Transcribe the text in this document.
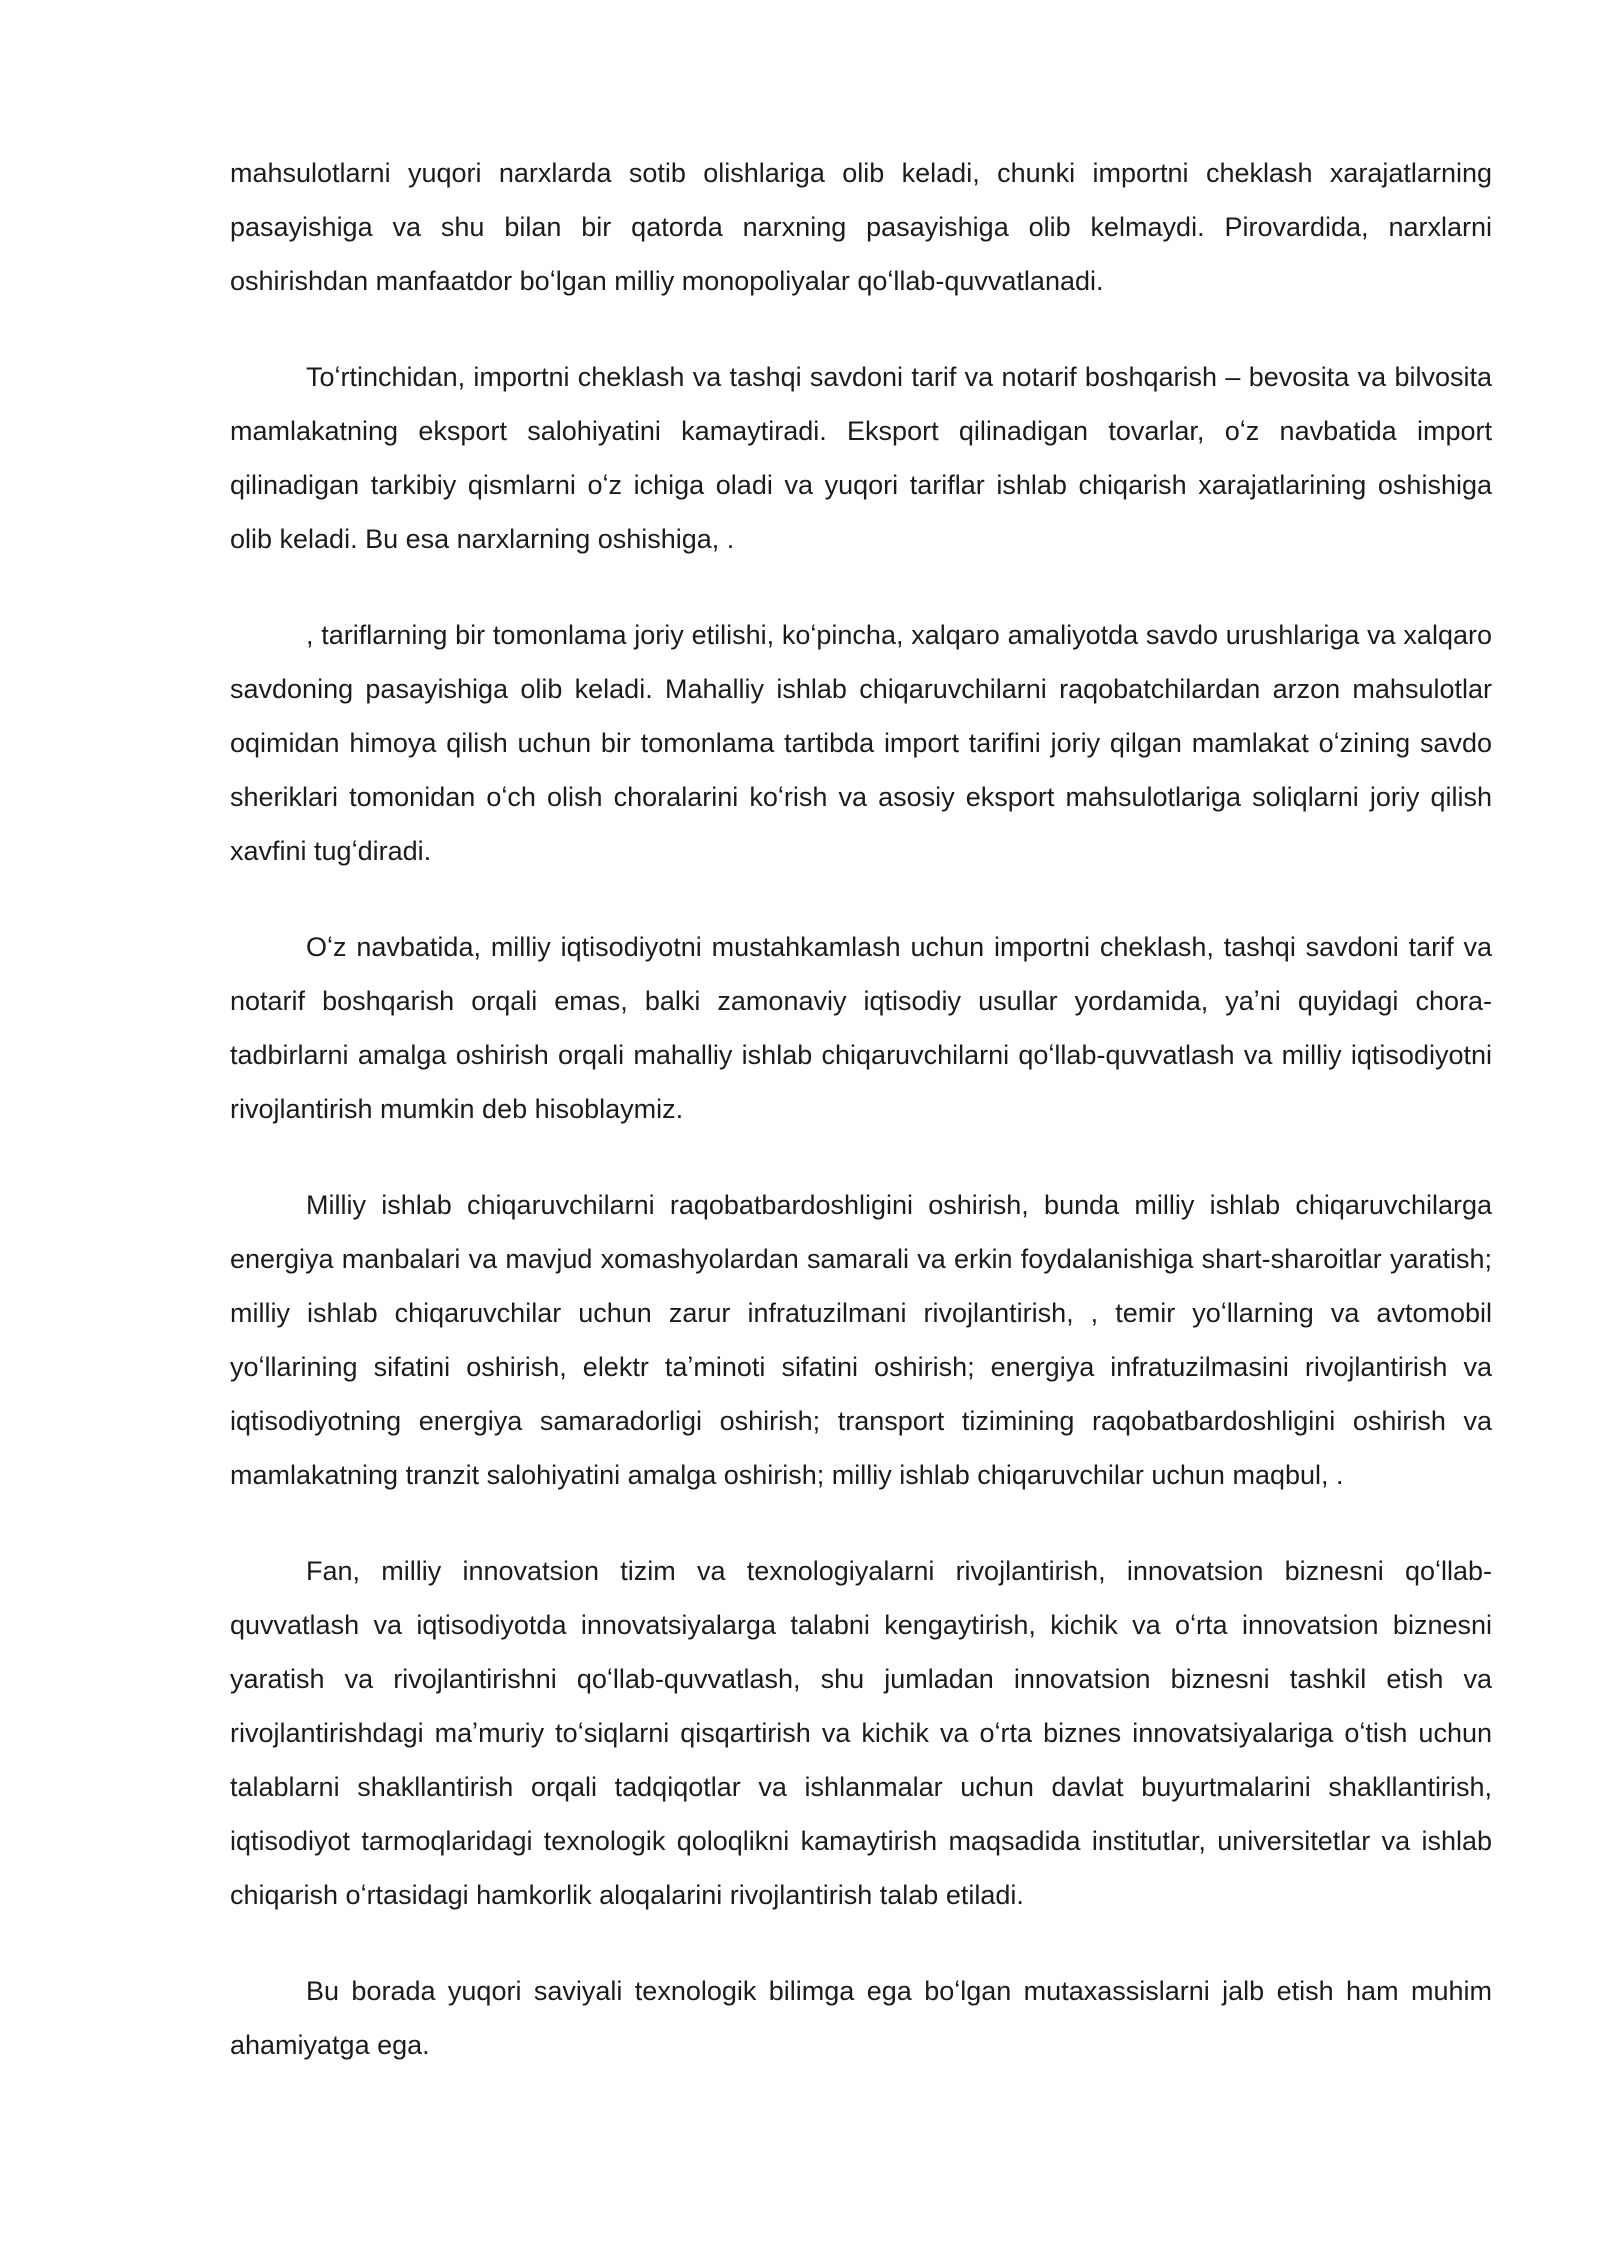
mahsulotlarni yuqori narxlarda sotib olishlariga olib keladi, chunki importni cheklash xarajatlarning pasayishiga va shu bilan bir qatorda narxning pasayishiga olib kelmaydi. Pirovardida, narxlarni oshirishdan manfaatdor boʻlgan milliy monopoliyalar qoʻllab-quvvatlanadi.

Toʻrtinchidan, importni cheklash va tashqi savdoni tarif va notarif boshqarish – bevosita va bilvosita mamlakatning eksport salohiyatini kamaytiradi. Eksport qilinadigan tovarlar, oʻz navbatida import qilinadigan tarkibiy qismlarni oʻz ichiga oladi va yuqori tariflar ishlab chiqarish xarajatlarining oshishiga olib keladi. Bu esa narxlarning oshishiga, .

, tariflarning bir tomonlama joriy etilishi, koʻpincha, xalqaro amaliyotda savdo urushlariga va xalqaro savdoning pasayishiga olib keladi. Mahalliy ishlab chiqaruvchilarni raqobatchilardan arzon mahsulotlar oqimidan himoya qilish uchun bir tomonlama tartibda import tarifini joriy qilgan mamlakat oʻzining savdo sheriklari tomonidan oʻch olish choralarini koʻrish va asosiy eksport mahsulotlariga soliqlarni joriy qilish xavfini tugʻdiradi.

Oʻz navbatida, milliy iqtisodiyotni mustahkamlash uchun importni cheklash, tashqi savdoni tarif va notarif boshqarish orqali emas, balki zamonaviy iqtisodiy usullar yordamida, yaʼni quyidagi chora-tadbirlarni amalga oshirish orqali mahalliy ishlab chiqaruvchilarni qoʻllab-quvvatlash va milliy iqtisodiyotni rivojlantirish mumkin deb hisoblaymiz.

Milliy ishlab chiqaruvchilarni raqobatbardoshligini oshirish, bunda milliy ishlab chiqaruvchilarga energiya manbalari va mavjud xomashyolardan samarali va erkin foydalanishiga shart-sharoitlar yaratish; milliy ishlab chiqaruvchilar uchun zarur infratuzilmani rivojlantirish, , temir yoʻllarning va avtomobil yoʻllarining sifatini oshirish, elektr taʼminoti sifatini oshirish; energiya infratuzilmasini rivojlantirish va iqtisodiyotning energiya samaradorligi oshirish; transport tizimining raqobatbardoshligini oshirish va mamlakatning tranzit salohiyatini amalga oshirish; milliy ishlab chiqaruvchilar uchun maqbul, .

Fan, milliy innovatsion tizim va texnologiyalarni rivojlantirish, innovatsion biznesni qoʻllab-quvvatlash va iqtisodiyotda innovatsiyalarga talabni kengaytirish, kichik va oʻrta innovatsion biznesni yaratish va rivojlantirishni qoʻllab-quvvatlash, shu jumladan innovatsion biznesni tashkil etish va rivojlantirishdagi maʼmuriy toʻsiqlarni qisqartirish va kichik va oʻrta biznes innovatsiyalariga oʻtish uchun talablarni shakllantirish orqali tadqiqotlar va ishlanmalar uchun davlat buyurtmalarini shakllantirish, iqtisodiyot tarmoqlaridagi texnologik qoloqlikni kamaytirish maqsadida institutlar, universitetlar va ishlab chiqarish oʻrtasidagi hamkorlik aloqalarini rivojlantirish talab etiladi.

Bu borada yuqori saviyali texnologik bilimga ega boʻlgan mutaxassislarni jalb etish ham muhim ahamiyatga ega.
